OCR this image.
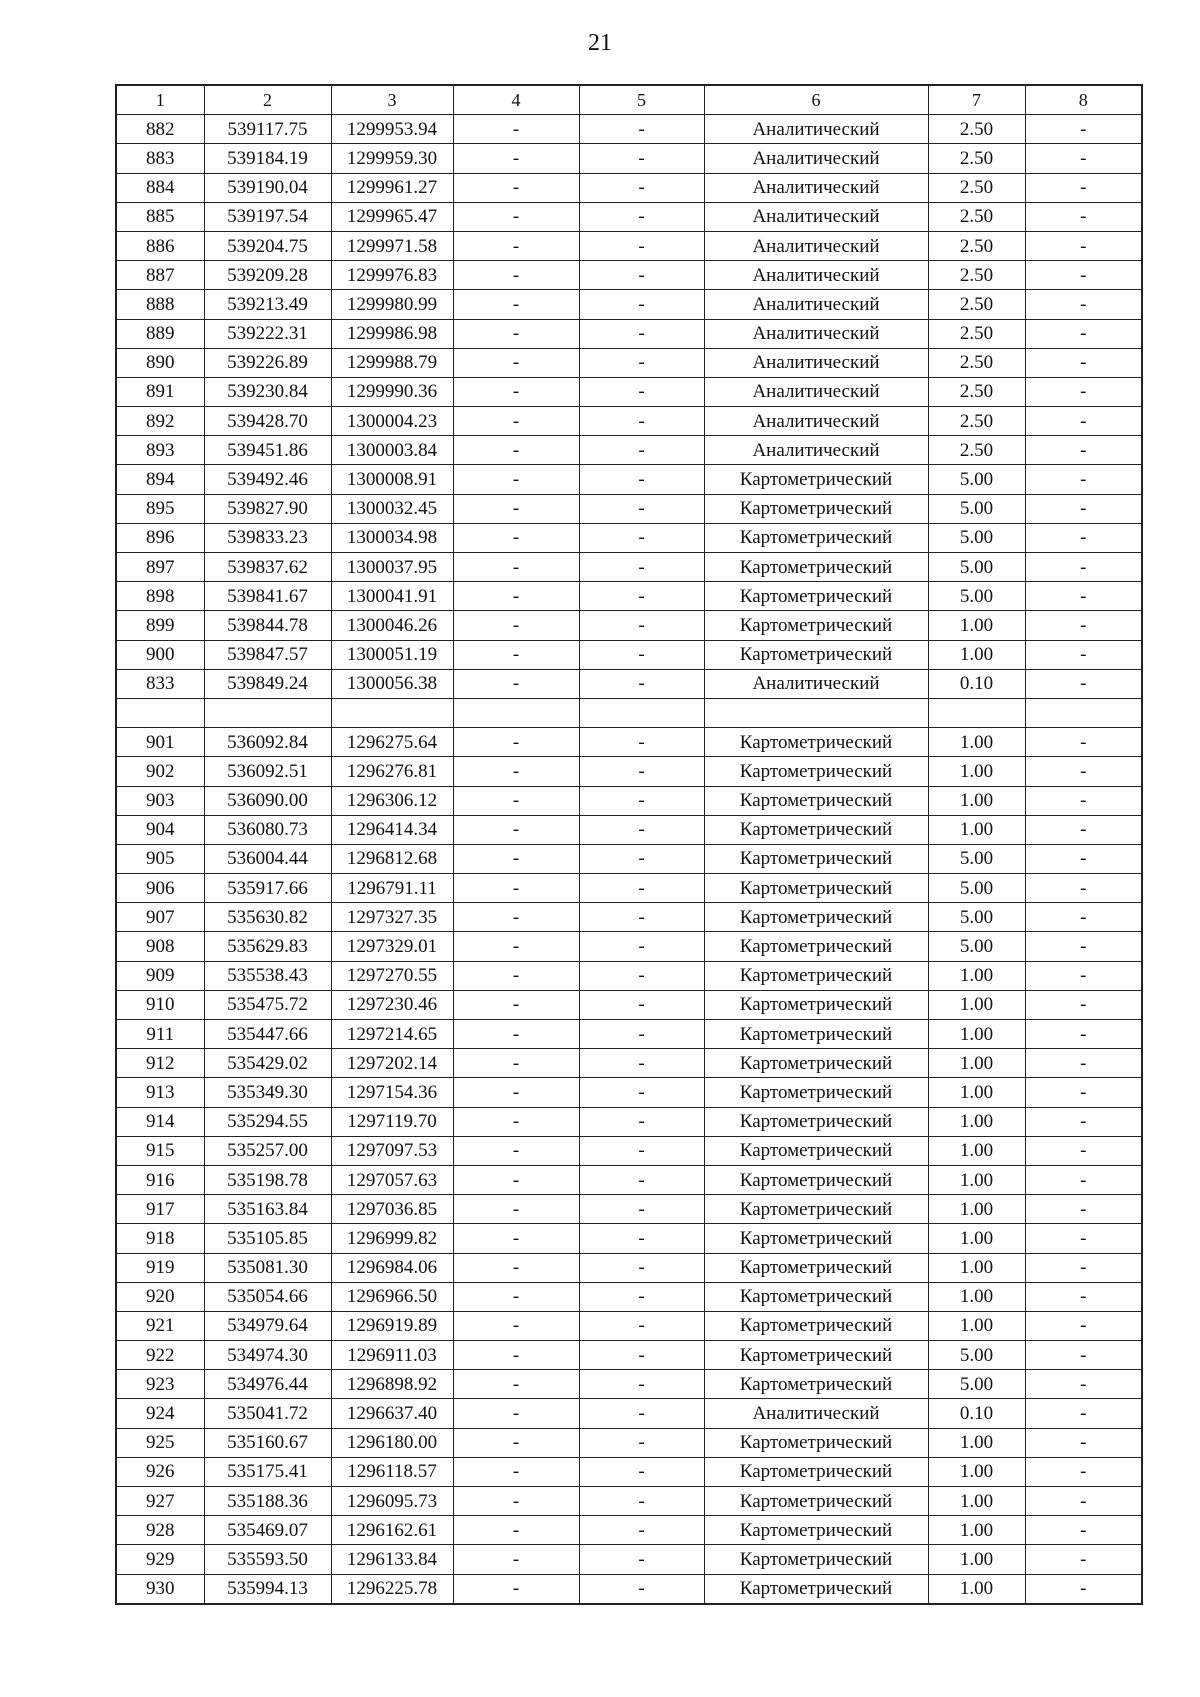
21
1	2	3	4	5	6	7	8
882	539117.75	1299953.94	-	-	Аналитический	2.50	-
883	539184.19	1299959.30	-	-	Аналитический	2.50	-
884	539190.04	1299961.27	-	-	Аналитический	2.50	-
885	539197.54	1299965.47	-	-	Аналитический	2.50	-
886	539204.75	1299971.58	-	-	Аналитический	2.50	-
887	539209.28	1299976.83	-	-	Аналитический	2.50	-
888	539213.49	1299980.99	-	-	Аналитический	2.50	-
889	539222.31	1299986.98	-	-	Аналитический	2.50	-
890	539226.89	1299988.79	-	-	Аналитический	2.50	-
891	539230.84	1299990.36	-	-	Аналитический	2.50	-
892	539428.70	1300004.23	-	-	Аналитический	2.50	-
893	539451.86	1300003.84	-	-	Аналитический	2.50	-
894	539492.46	1300008.91	-	-	Картометрический	5.00	-
895	539827.90	1300032.45	-	-	Картометрический	5.00	-
896	539833.23	1300034.98	-	-	Картометрический	5.00	-
897	539837.62	1300037.95	-	-	Картометрический	5.00	-
898	539841.67	1300041.91	-	-	Картометрический	5.00	-
899	539844.78	1300046.26	-	-	Картометрический	1.00	-
900	539847.57	1300051.19	-	-	Картометрический	1.00	-
833	539849.24	1300056.38	-	-	Аналитический	0.10	-

901	536092.84	1296275.64	-	-	Картометрический	1.00	-
902	536092.51	1296276.81	-	-	Картометрический	1.00	-
903	536090.00	1296306.12	-	-	Картометрический	1.00	-
904	536080.73	1296414.34	-	-	Картометрический	1.00	-
905	536004.44	1296812.68	-	-	Картометрический	5.00	-
906	535917.66	1296791.11	-	-	Картометрический	5.00	-
907	535630.82	1297327.35	-	-	Картометрический	5.00	-
908	535629.83	1297329.01	-	-	Картометрический	5.00	-
909	535538.43	1297270.55	-	-	Картометрический	1.00	-
910	535475.72	1297230.46	-	-	Картометрический	1.00	-
911	535447.66	1297214.65	-	-	Картометрический	1.00	-
912	535429.02	1297202.14	-	-	Картометрический	1.00	-
913	535349.30	1297154.36	-	-	Картометрический	1.00	-
914	535294.55	1297119.70	-	-	Картометрический	1.00	-
915	535257.00	1297097.53	-	-	Картометрический	1.00	-
916	535198.78	1297057.63	-	-	Картометрический	1.00	-
917	535163.84	1297036.85	-	-	Картометрический	1.00	-
918	535105.85	1296999.82	-	-	Картометрический	1.00	-
919	535081.30	1296984.06	-	-	Картометрический	1.00	-
920	535054.66	1296966.50	-	-	Картометрический	1.00	-
921	534979.64	1296919.89	-	-	Картометрический	1.00	-
922	534974.30	1296911.03	-	-	Картометрический	5.00	-
923	534976.44	1296898.92	-	-	Картометрический	5.00	-
924	535041.72	1296637.40	-	-	Аналитический	0.10	-
925	535160.67	1296180.00	-	-	Картометрический	1.00	-
926	535175.41	1296118.57	-	-	Картометрический	1.00	-
927	535188.36	1296095.73	-	-	Картометрический	1.00	-
928	535469.07	1296162.61	-	-	Картометрический	1.00	-
929	535593.50	1296133.84	-	-	Картометрический	1.00	-
930	535994.13	1296225.78	-	-	Картометрический	1.00	-
